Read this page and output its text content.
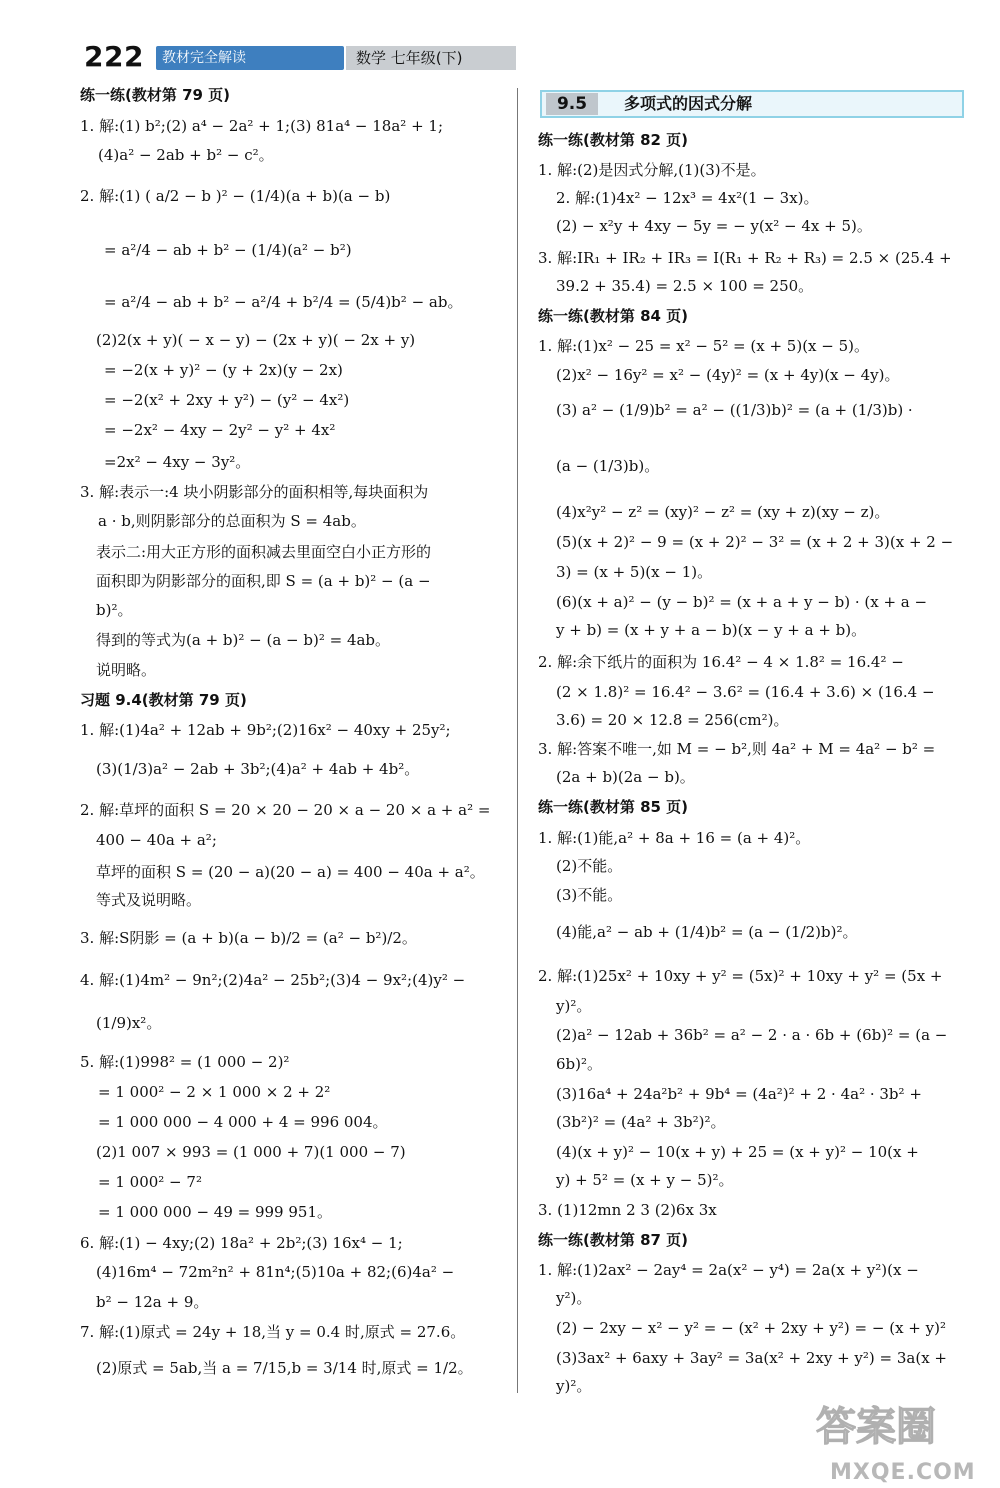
222	教材完全解读	数学 七年级(下)
9.5	多项式的因式分解
练一练(教材第 79 页)
1. 解:(1) b²;(2) a⁴ − 2a² + 1;(3) 81a⁴ − 18a² + 1;
(4)a² − 2ab + b² − c²。
2. 解:(1) ( a/2 − b )² − (1/4)(a + b)(a − b)
= a²/4 − ab + b² − (1/4)(a² − b²)
= a²/4 − ab + b² − a²/4 + b²/4 = (5/4)b² − ab。
(2)2(x + y)( − x − y) − (2x + y)( − 2x + y)
= −2(x + y)² − (y + 2x)(y − 2x)
= −2(x² + 2xy + y²) − (y² − 4x²)
= −2x² − 4xy − 2y² − y² + 4x²
=2x² − 4xy − 3y²。
3. 解:表示一:4 块小阴影部分的面积相等,每块面积为
a · b,则阴影部分的总面积为 S = 4ab。
表示二:用大正方形的面积减去里面空白小正方形的
面积即为阴影部分的面积,即 S = (a + b)² − (a −
b)²。
得到的等式为(a + b)² − (a − b)² = 4ab。
说明略。
习题 9.4(教材第 79 页)
1. 解:(1)4a² + 12ab + 9b²;(2)16x² − 40xy + 25y²;
(3)(1/3)a² − 2ab + 3b²;(4)a² + 4ab + 4b²。
2. 解:草坪的面积 S = 20 × 20 − 20 × a − 20 × a + a² =
400 − 40a + a²;
草坪的面积 S = (20 − a)(20 − a) = 400 − 40a + a²。
等式及说明略。
3. 解:S阴影 = (a + b)(a − b)/2 = (a² − b²)/2。
4. 解:(1)4m² − 9n²;(2)4a² − 25b²;(3)4 − 9x²;(4)y² −
(1/9)x²。
5. 解:(1)998² = (1 000 − 2)²
= 1 000² − 2 × 1 000 × 2 + 2²
= 1 000 000 − 4 000 + 4 = 996 004。
(2)1 007 × 993 = (1 000 + 7)(1 000 − 7)
= 1 000² − 7²
= 1 000 000 − 49 = 999 951。
6. 解:(1) − 4xy;(2) 18a² + 2b²;(3) 16x⁴ − 1;
(4)16m⁴ − 72m²n² + 81n⁴;(5)10a + 82;(6)4a² −
b² − 12a + 9。
7. 解:(1)原式 = 24y + 18,当 y = 0.4 时,原式 = 27.6。
(2)原式 = 5ab,当 a = 7/15,b = 3/14 时,原式 = 1/2。
练一练(教材第 82 页)
1. 解:(2)是因式分解,(1)(3)不是。
2. 解:(1)4x² − 12x³ = 4x²(1 − 3x)。
(2) − x²y + 4xy − 5y = − y(x² − 4x + 5)。
3. 解:IR₁ + IR₂ + IR₃ = I(R₁ + R₂ + R₃) = 2.5 × (25.4 +
39.2 + 35.4) = 2.5 × 100 = 250。
练一练(教材第 84 页)
1. 解:(1)x² − 25 = x² − 5² = (x + 5)(x − 5)。
(2)x² − 16y² = x² − (4y)² = (x + 4y)(x − 4y)。
(3) a² − (1/9)b² = a² − ((1/3)b)² = (a + (1/3)b) ·
(a − (1/3)b)。
(4)x²y² − z² = (xy)² − z² = (xy + z)(xy − z)。
(5)(x + 2)² − 9 = (x + 2)² − 3² = (x + 2 + 3)(x + 2 −
3) = (x + 5)(x − 1)。
(6)(x + a)² − (y − b)² = (x + a + y − b) · (x + a −
y + b) = (x + y + a − b)(x − y + a + b)。
2. 解:余下纸片的面积为 16.4² − 4 × 1.8² = 16.4² −
(2 × 1.8)² = 16.4² − 3.6² = (16.4 + 3.6) × (16.4 −
3.6) = 20 × 12.8 = 256(cm²)。
3. 解:答案不唯一,如 M = − b²,则 4a² + M = 4a² − b² =
(2a + b)(2a − b)。
练一练(教材第 85 页)
1. 解:(1)能,a² + 8a + 16 = (a + 4)²。
(2)不能。
(3)不能。
(4)能,a² − ab + (1/4)b² = (a − (1/2)b)²。
2. 解:(1)25x² + 10xy + y² = (5x)² + 10xy + y² = (5x +
y)²。
(2)a² − 12ab + 36b² = a² − 2 · a · 6b + (6b)² = (a −
6b)²。
(3)16a⁴ + 24a²b² + 9b⁴ = (4a²)² + 2 · 4a² · 3b² +
(3b²)² = (4a² + 3b²)²。
(4)(x + y)² − 10(x + y) + 25 = (x + y)² − 10(x +
y) + 5² = (x + y − 5)²。
3. (1)12mn 2 3 (2)6x 3x
练一练(教材第 87 页)
1. 解:(1)2ax² − 2ay⁴ = 2a(x² − y⁴) = 2a(x + y²)(x −
y²)。
(2) − 2xy − x² − y² = − (x² + 2xy + y²) = − (x + y)²
(3)3ax² + 6axy + 3ay² = 3a(x² + 2xy + y²) = 3a(x +
y)²。
答案圈
MXQE.COM
